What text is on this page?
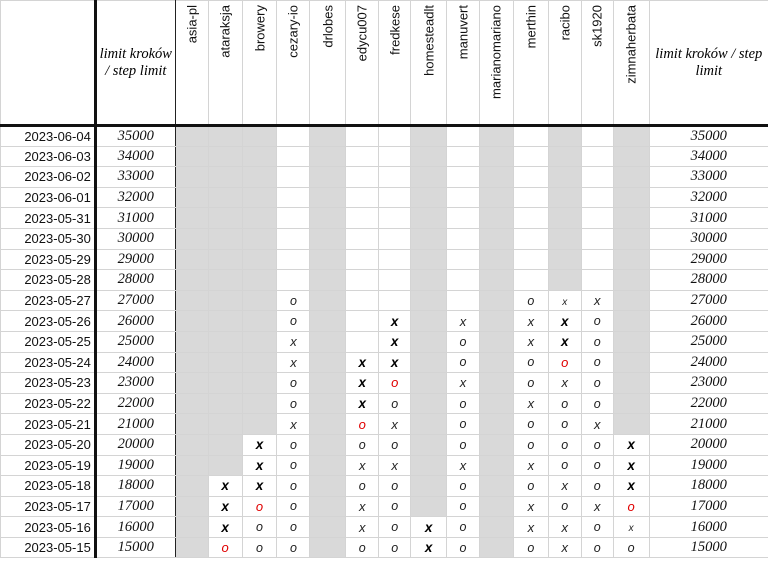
	limit kroków / step limit	asia-pl	ataraksja	browery	cezary-io	drlobes	edycu007	fredkese	homesteadlt	manuvert	marianomariano	merthin	racibo	sk1920	zimnaherbata	limit kroków / step limit
2023-06-04	35000															35000
2023-06-03	34000															34000
2023-06-02	33000															33000
2023-06-01	32000															32000
2023-05-31	31000															31000
2023-05-30	30000															30000
2023-05-29	29000															29000
2023-05-28	28000															28000
2023-05-27	27000				o							o	x	x		27000
2023-05-26	26000				o			x		x		x	x	o		26000
2023-05-25	25000				x			x		o		x	x	o		25000
2023-05-24	24000				x		x	x		o		o	o	o		24000
2023-05-23	23000				o		x	o		x		o	x	o		23000
2023-05-22	22000				o		x	o		o		x	o	o		22000
2023-05-21	21000				x		o	x		o		o	o	x		21000
2023-05-20	20000			x	o		o	o		o		o	o	o	x	20000
2023-05-19	19000			x	o		x	x		x		x	o	o	x	19000
2023-05-18	18000		x	x	o		o	o		o		o	x	o	x	18000
2023-05-17	17000		x	o	o		x	o		o		x	o	x	o	17000
2023-05-16	16000		x	o	o		x	o	x	o		x	x	o	x	16000
2023-05-15	15000		o	o	o		o	o	x	o		o	x	o	o	15000
